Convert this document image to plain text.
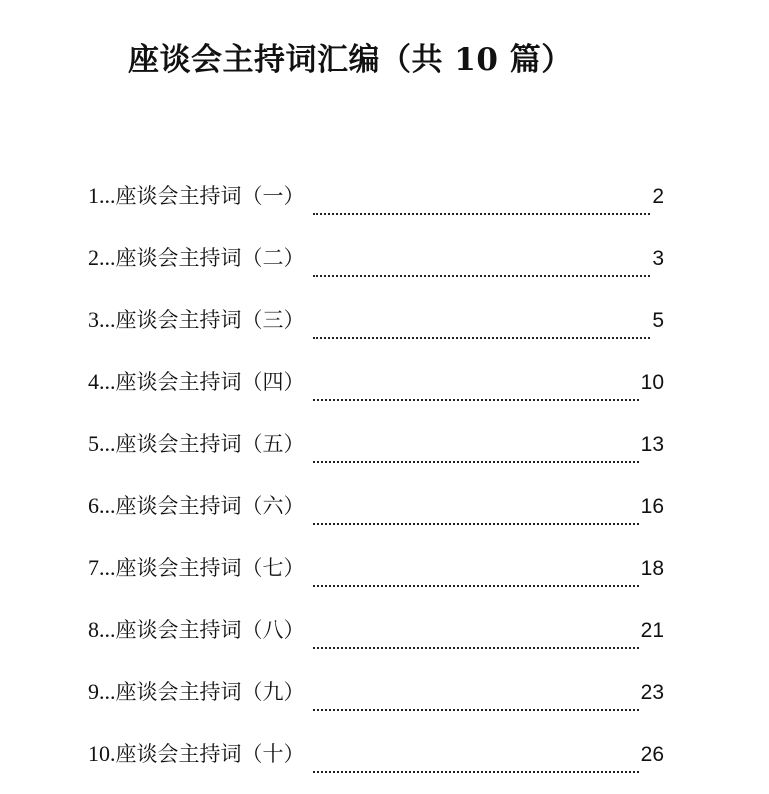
座谈会主持词汇编（共 10 篇）
1... 座谈会主持词（一）	2
2... 座谈会主持词（二）	3
3... 座谈会主持词（三）	5
4... 座谈会主持词（四）	10
5... 座谈会主持词（五）	13
6... 座谈会主持词（六）	16
7... 座谈会主持词（七）	18
8... 座谈会主持词（八）	21
9... 座谈会主持词（九）	23
10. 座谈会主持词（十）	26
